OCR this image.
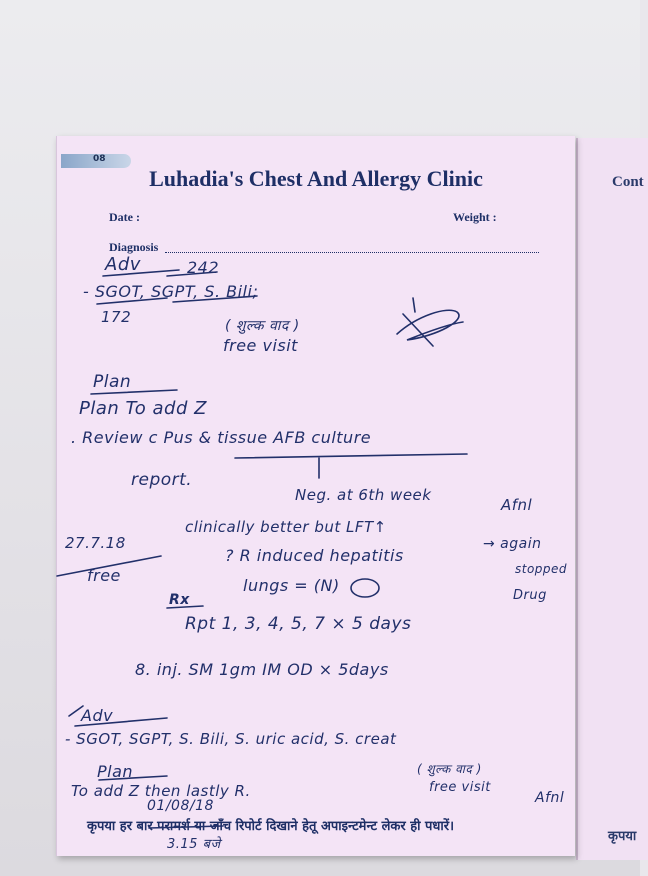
Cont
कृपया
08
Luhadia's Chest And Allergy Clinic
Date :	Weight :
Diagnosis
Adv	242
- SGOT, SGPT, S. Bili;
172	( शुल्क वाद )
free visit
Plan
Plan To add Z
. Review c Pus & tissue AFB culture
report.
Neg. at 6th week
Afnl
27.7.18
free
clinically better but LFT↑
? R induced hepatitis
→ again
stopped
Drug
lungs = (N)
Rx
Rpt 1, 3, 4, 5, 7 × 5 days
8. inj. SM 1gm IM OD × 5days
Adv
- SGOT, SGPT, S. Bili, S. uric acid, S. creat
Plan
To add Z then lastly R.
( शुल्क वाद )
free visit
Afnl
01/08/18
3.15 बजे
कृपया हर बार परामर्श या जाँच रिपोर्ट दिखाने हेतू अपाइन्टमेन्ट लेकर ही पधारें।
